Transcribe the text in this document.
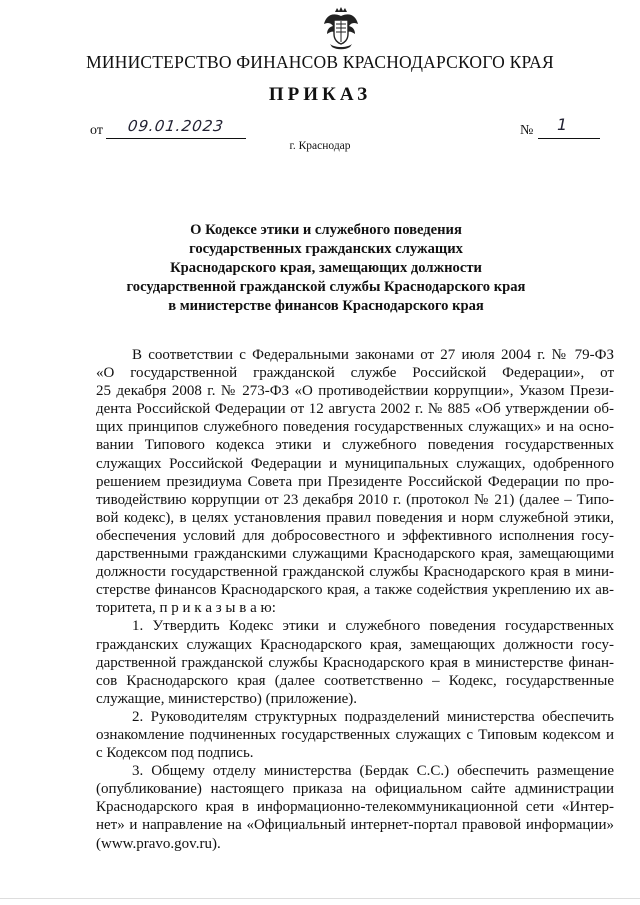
МИНИСТЕРСТВО ФИНАНСОВ КРАСНОДАРСКОГО КРАЯ
ПРИКАЗ
от 09.01.2023	№ 1
г. Краснодар
О Кодексе этики и служебного поведения
государственных гражданских служащих
Краснодарского края, замещающих должности
государственной гражданской службы Краснодарского края
в министерстве финансов Краснодарского края
В соответствии с Федеральными законами от 27 июля 2004 г. № 79-ФЗ
«О государственной гражданской службе Российской Федерации», от
25 декабря 2008 г. № 273-ФЗ «О противодействии коррупции», Указом Прези-
дента Российской Федерации от 12 августа 2002 г. № 885 «Об утверждении об-
щих принципов служебного поведения государственных служащих» и на осно-
вании Типового кодекса этики и служебного поведения государственных
служащих Российской Федерации и муниципальных служащих, одобренного
решением президиума Совета при Президенте Российской Федерации по про-
тиводействию коррупции от 23 декабря 2010 г. (протокол № 21) (далее – Типо-
вой кодекс), в целях установления правил поведения и норм служебной этики,
обеспечения условий для добросовестного и эффективного исполнения госу-
дарственными гражданскими служащими Краснодарского края, замещающими
должности государственной гражданской службы Краснодарского края в мини-
стерстве финансов Краснодарского края, а также содействия укреплению их ав-
торитета, п р и к а з ы в а ю:
1. Утвердить Кодекс этики и служебного поведения государственных
гражданских служащих Краснодарского края, замещающих должности госу-
дарственной гражданской службы Краснодарского края в министерстве финан-
сов Краснодарского края (далее соответственно – Кодекс, государственные
служащие, министерство) (приложение).
2. Руководителям структурных подразделений министерства обеспечить
ознакомление подчиненных государственных служащих с Типовым кодексом и
с Кодексом под подпись.
3. Общему отделу министерства (Бердак С.С.) обеспечить размещение
(опубликование) настоящего приказа на официальном сайте администрации
Краснодарского края в информационно-телекоммуникационной сети «Интер-
нет» и направление на «Официальный интернет-портал правовой информации»
(www.pravo.gov.ru).
